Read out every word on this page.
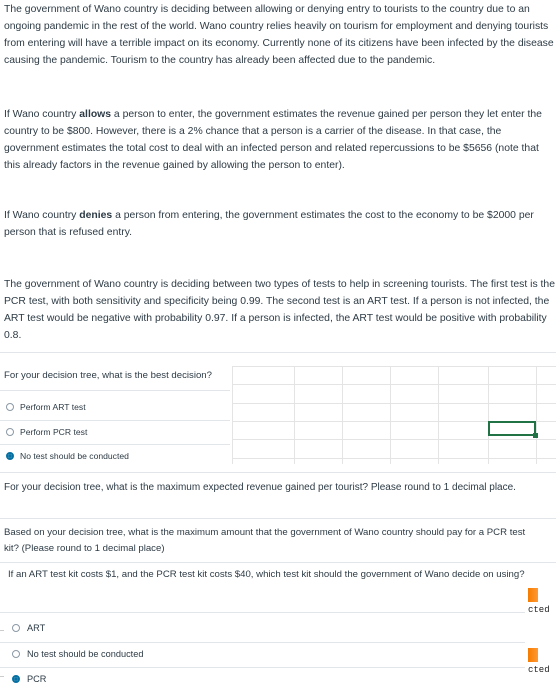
The government of Wano country is deciding between allowing or denying entry to tourists to the country due to an ongoing pandemic in the rest of the world. Wano country relies heavily on tourism for employment and denying tourists from entering will have a terrible impact on its economy. Currently none of its citizens have been infected by the disease causing the pandemic. Tourism to the country has already been affected due to the pandemic.

If Wano country allows a person to enter, the government estimates the revenue gained per person they let enter the country to be $800. However, there is a 2% chance that a person is a carrier of the disease. In that case, the government estimates the total cost to deal with an infected person and related repercussions to be $5656 (note that this already factors in the revenue gained by allowing the person to enter).

If Wano country denies a person from entering, the government estimates the cost to the economy to be $2000 per person that is refused entry.

The government of Wano country is deciding between two types of tests to help in screening tourists. The first test is the PCR test, with both sensitivity and specificity being 0.99. The second test is an ART test. If a person is not infected, the ART test would be negative with probability 0.97. If a person is infected, the ART test would be positive with probability 0.8.

For your decision tree, what is the best decision?
Perform ART test
Perform PCR test
No test should be conducted

For your decision tree, what is the maximum expected revenue gained per tourist? Please round to 1 decimal place.

Based on your decision tree, what is the maximum amount that the government of Wano country should pay for a PCR test kit? (Please round to 1 decimal place)

If an ART test kit costs $1, and the PCR test kit costs $40, which test kit should the government of Wano decide on using?

ART
No test should be conducted
PCR
cted
cted
